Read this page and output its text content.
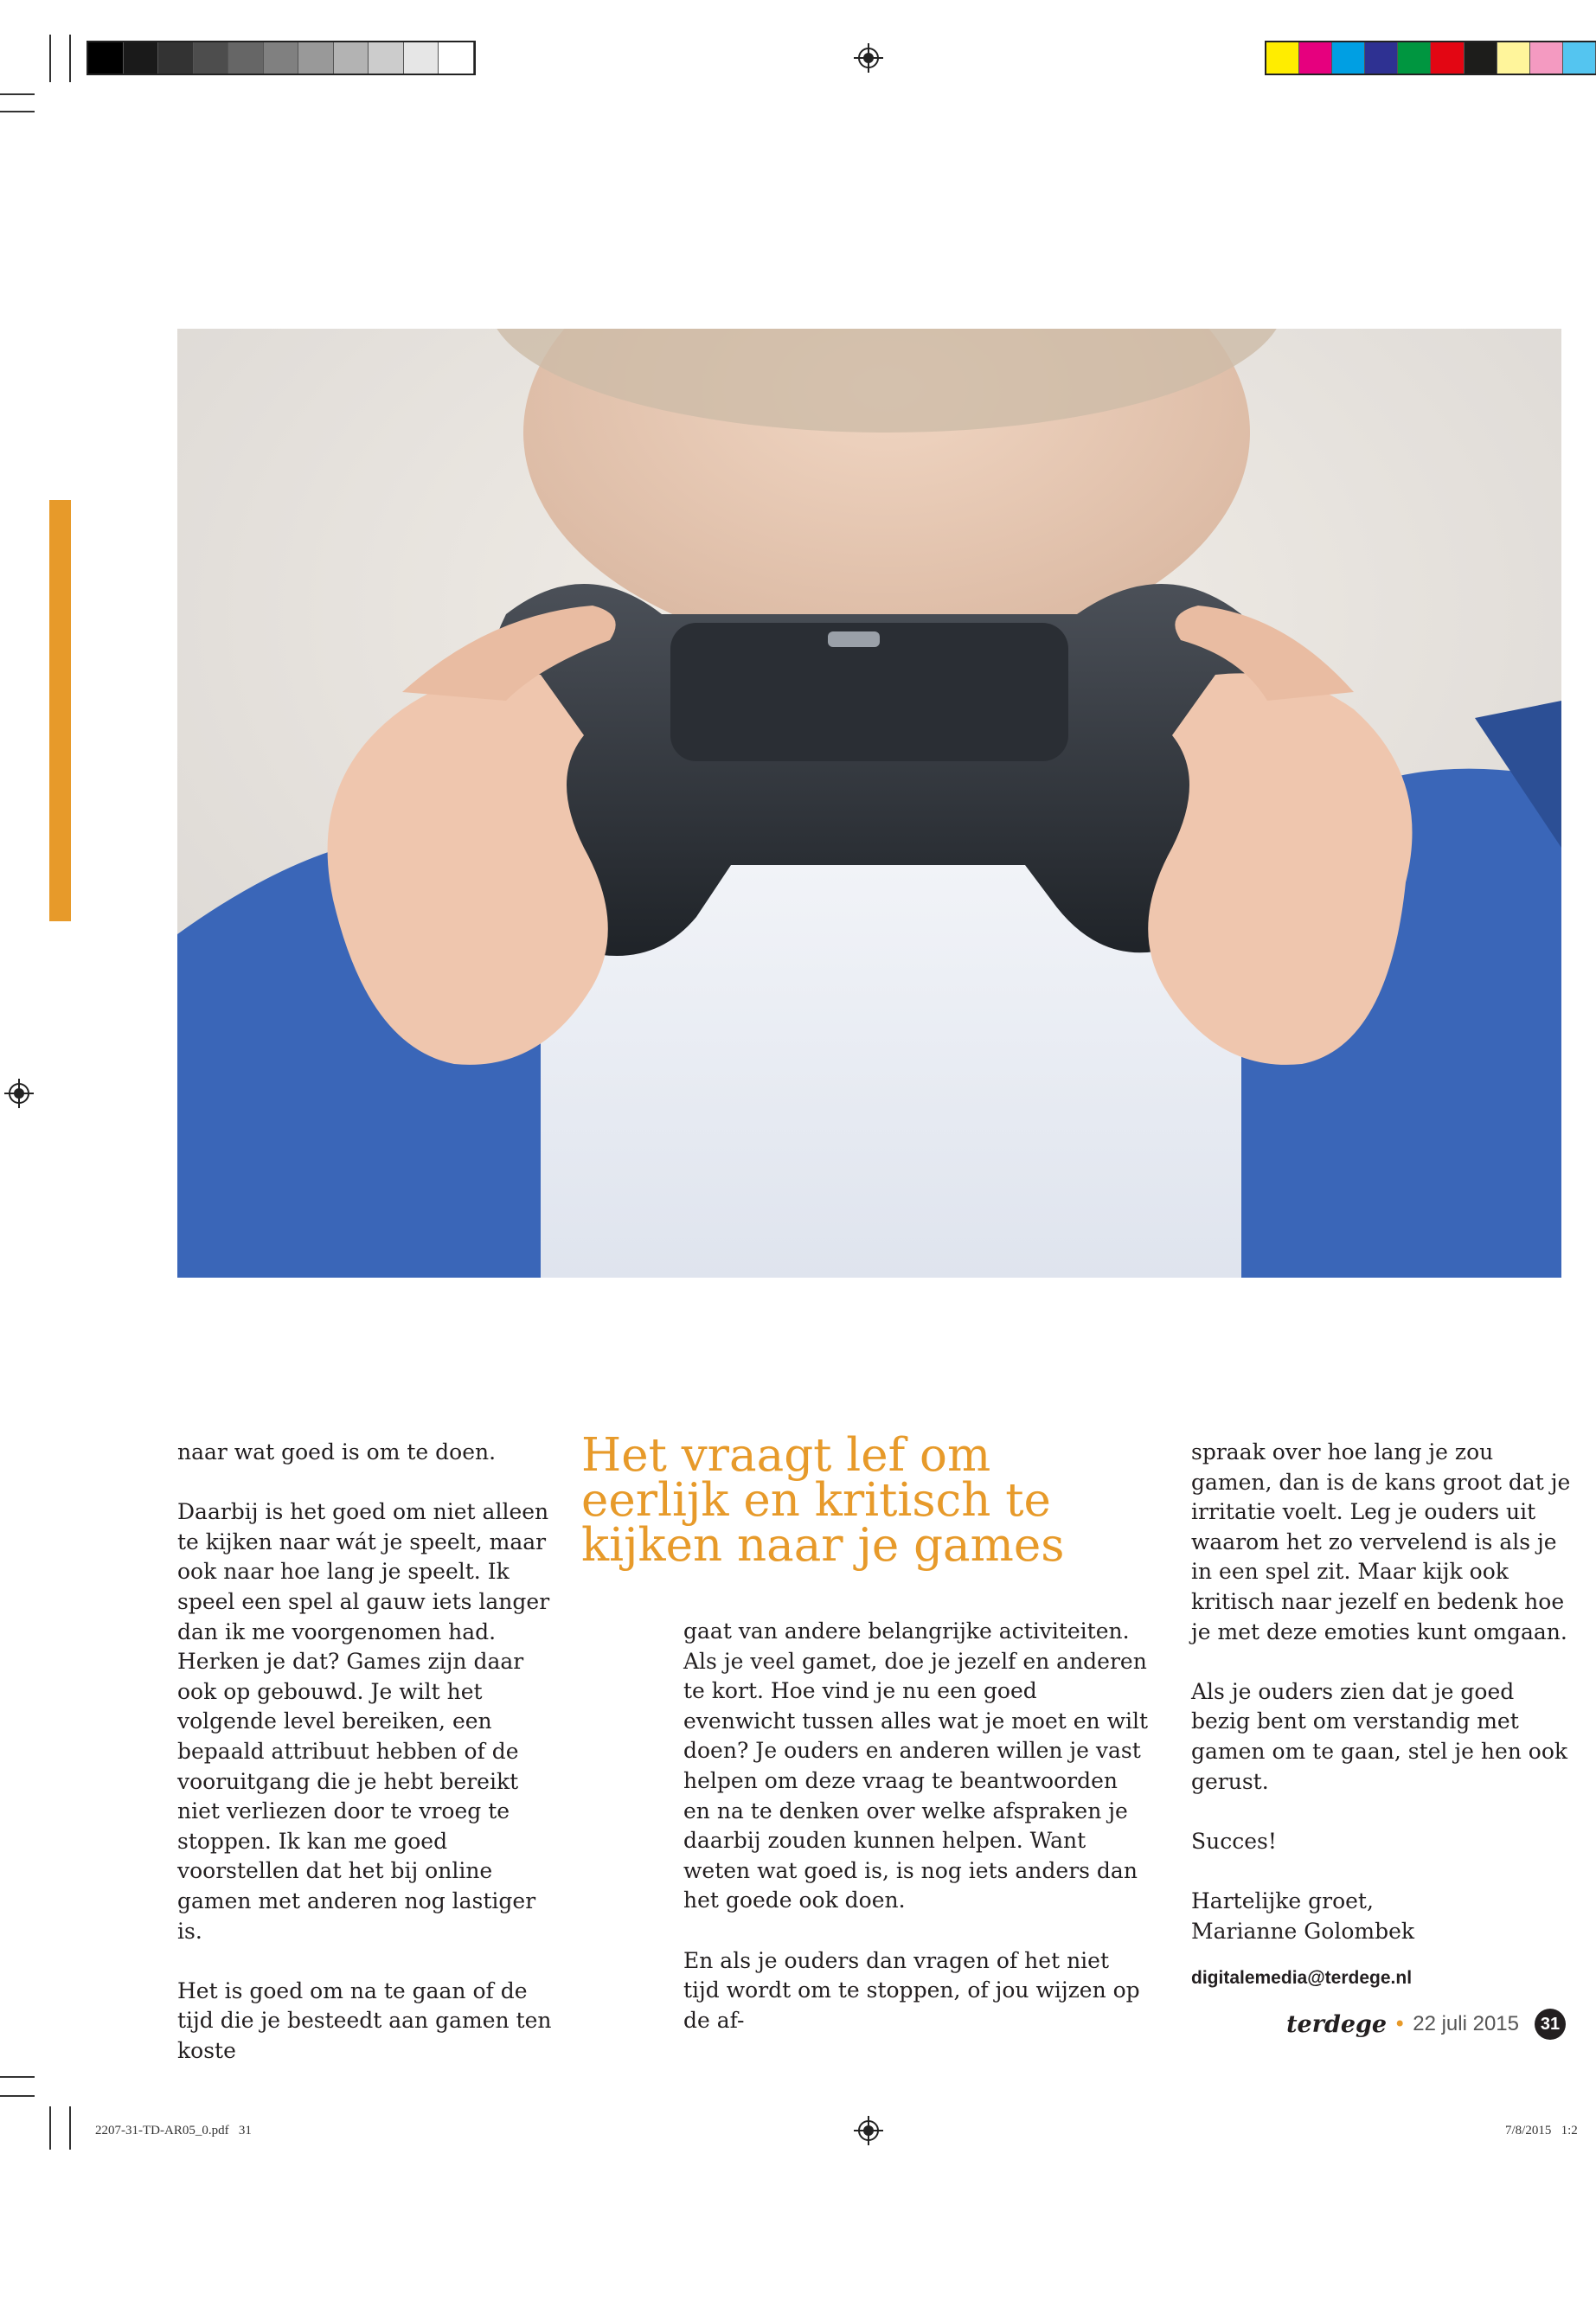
naar wat goed is om te doen.

Daarbij is het goed om niet alleen te kijken naar wát je speelt, maar ook naar hoe lang je speelt. Ik speel een spel al gauw iets langer dan ik me voorgenomen had. Herken je dat? Games zijn daar ook op gebouwd. Je wilt het volgende level bereiken, een bepaald attribuut hebben of de vooruitgang die je hebt bereikt niet verliezen door te vroeg te stoppen. Ik kan me goed voorstellen dat het bij online gamen met anderen nog lastiger is.

Het is goed om na te gaan of de tijd die je besteedt aan gamen ten koste

Het vraagt lef om eerlijk en kritisch te kijken naar je games

gaat van andere belangrijke activiteiten. Als je veel gamet, doe je jezelf en anderen te kort. Hoe vind je nu een goed evenwicht tussen alles wat je moet en wilt doen? Je ouders en anderen willen je vast helpen om deze vraag te beantwoorden en na te denken over welke afspraken je daarbij zouden kunnen helpen. Want weten wat goed is, is nog iets anders dan het goede ook doen.

En als je ouders dan vragen of het niet tijd wordt om te stoppen, of jou wijzen op de af-

spraak over hoe lang je zou gamen, dan is de kans groot dat je irritatie voelt. Leg je ouders uit waarom het zo vervelend is als je in een spel zit. Maar kijk ook kritisch naar jezelf en bedenk hoe je met deze emoties kunt omgaan.

Als je ouders zien dat je goed bezig bent om verstandig met gamen om te gaan, stel je hen ook gerust.

Succes!

Hartelijke groet,
Marianne Golombek

digitalemedia@terdege.nl
terdege • 22 juli 2015	31
2207-31-TD-AR05_0.pdf   31	7/8/2015   1:2
